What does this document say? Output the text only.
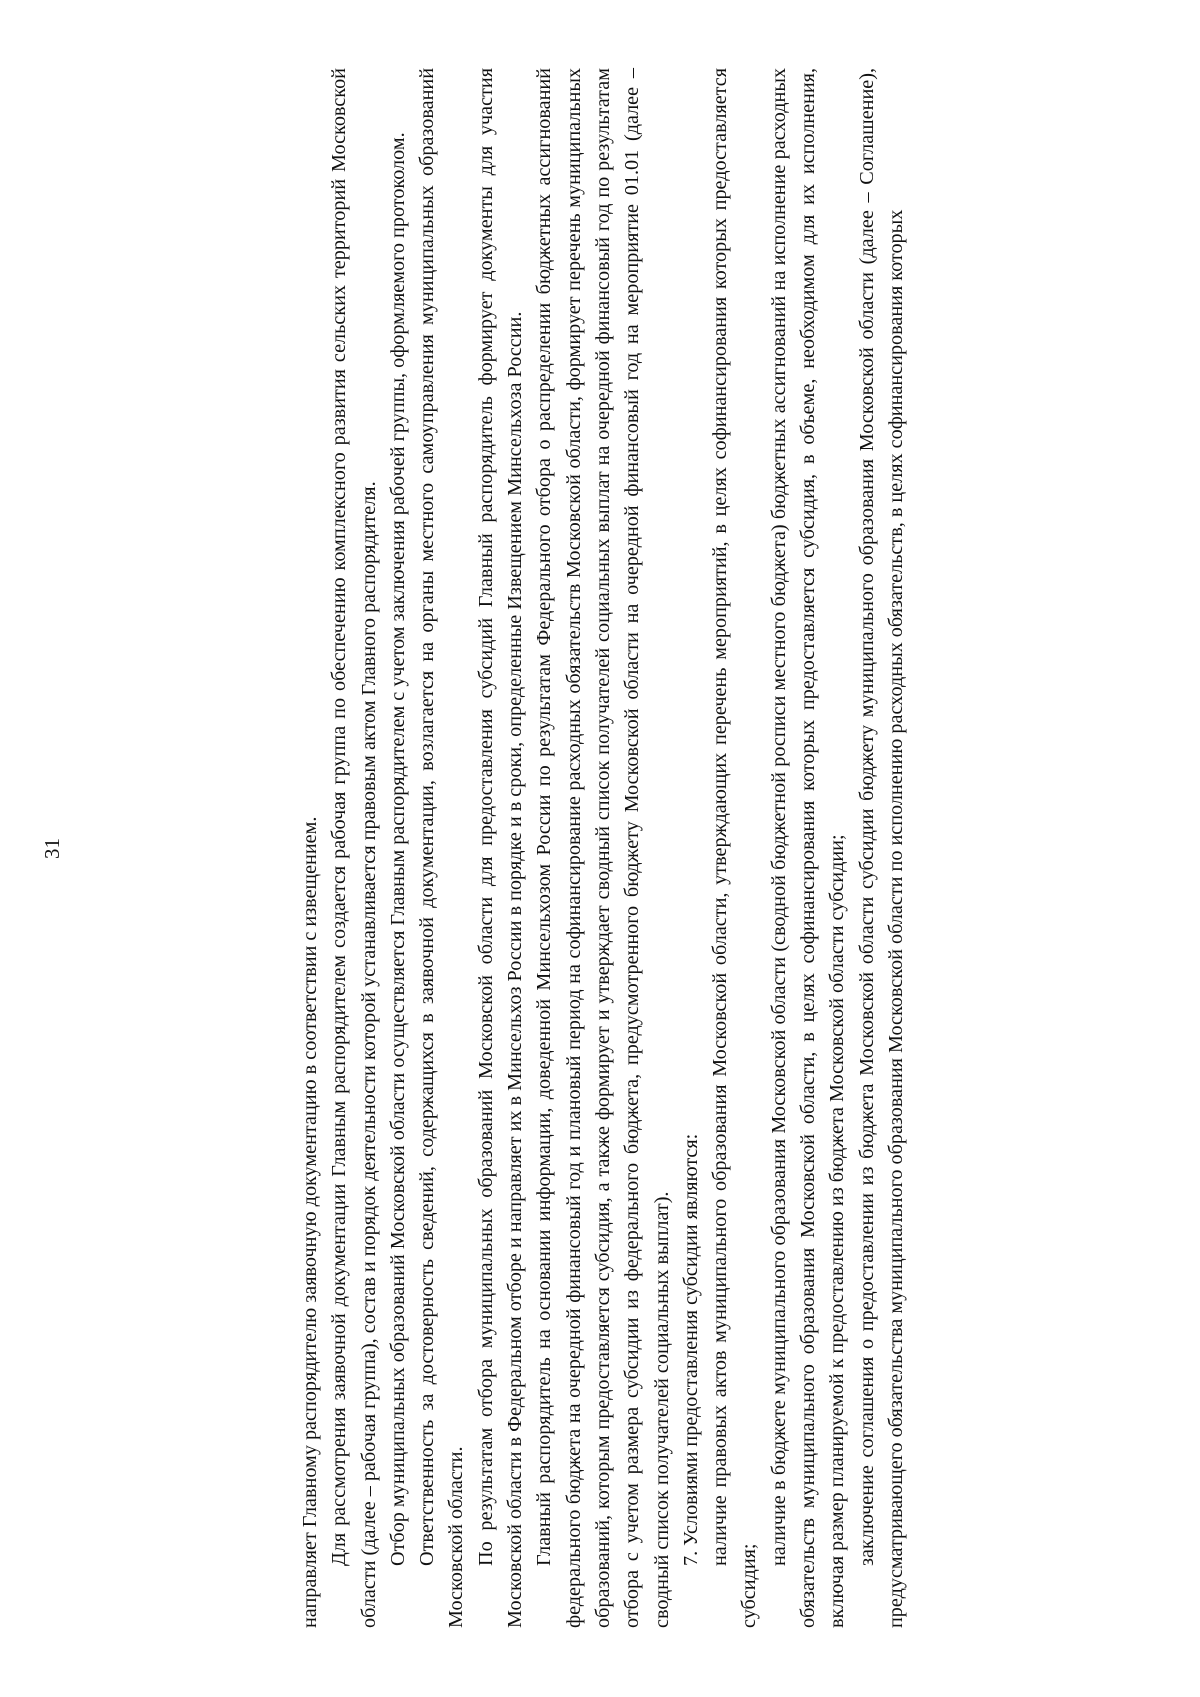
31	направляет Главному распорядителю заявочную документацию в соответствии с извещением. Для рассмотрения заявочной документации Главным распорядителем создается рабочая группа по обеспечению комплексного развития сельских территорий Московской области (далее – рабочая группа), состав и порядок деятельности которой устанавливается правовым актом Главного распорядителя. Отбор муниципальных образований Московской области осуществляется Главным распорядителем с учетом заключения рабочей группы, оформляемого протоколом. Ответственность за достоверность сведений, содержащихся в заявочной документации, возлагается на органы местного самоуправления муниципальных образований Московской области. По результатам отбора муниципальных образований Московской области для предоставления субсидий Главный распорядитель формирует документы для участия Московской области в Федеральном отборе и направляет их в Минсельхоз России в порядке и в сроки, определенные Извещением Минсельхоза России. Главный распорядитель на основании информации, доведенной Минсельхозом России по результатам Федерального отбора о распределении бюджетных ассигнований федерального бюджета на очередной финансовый год и плановый период на софинансирование расходных обязательств Московской области, формирует перечень муниципальных образований, которым предоставляется субсидия, а также формирует и утверждает сводный список получателей социальных выплат на очередной финансовый год по результатам отбора с учетом размера субсидии из федерального бюджета, предусмотренного бюджету Московской области на очередной финансовый год на мероприятие 01.01 (далее – сводный список получателей социальных выплат). 7. Условиями предоставления субсидии являются: наличие правовых актов муниципального образования Московской области, утверждающих перечень мероприятий, в целях софинансирования которых предоставляется субсидия;

наличие в бюджете муниципального образования Московской области (сводной бюджетной росписи местного бюджета) бюджетных ассигнований на исполнение расходных обязательств муниципального образования Московской области, в целях софинансирования которых предоставляется субсидия, в объеме, необходимом для их исполнения, включая размер планируемой к предоставлению из бюджета Московской области субсидии; заключение соглашения о предоставлении из бюджета Московской области субсидии бюджету муниципального образования Московской области (далее – Соглашение), предусматривающего обязательства муниципального образования Московской области по исполнению расходных обязательств, в целях софинансирования которых
